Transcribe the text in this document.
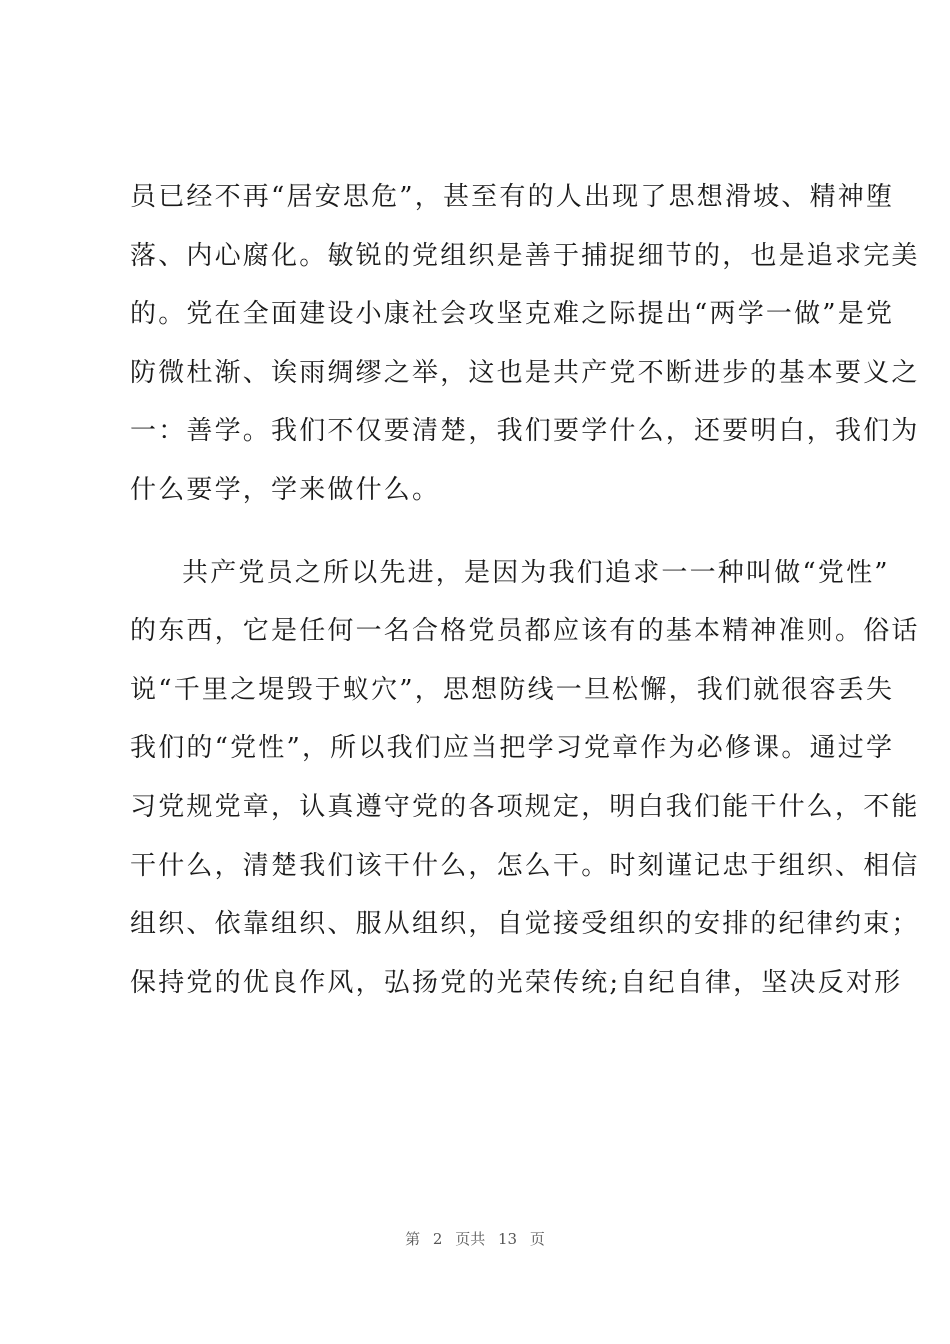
员已经不再“居安思危”，甚至有的人出现了思想滑坡、精神堕
落、内心腐化。敏锐的党组织是善于捕捉细节的，也是追求完美
的。党在全面建设小康社会攻坚克难之际提出“两学一做”是党
防微杜渐、诶雨绸缪之举，这也是共产党不断进步的基本要义之
一：善学。我们不仅要清楚，我们要学什么，还要明白，我们为
什么要学，学来做什么。
共产党员之所以先进，是因为我们追求一一种叫做“党性”
的东西，它是任何一名合格党员都应该有的基本精神准则。俗话
说“千里之堤毁于蚁穴”，思想防线一旦松懈，我们就很容丢失
我们的“党性”，所以我们应当把学习党章作为必修课。通过学
习党规党章，认真遵守党的各项规定，明白我们能干什么，不能
干什么，清楚我们该干什么，怎么干。时刻谨记忠于组织、相信
组织、依靠组织、服从组织，自觉接受组织的安排的纪律约束；
保持党的优良作风，弘扬党的光荣传统;自纪自律，坚决反对形
第 2 页共 13 页
